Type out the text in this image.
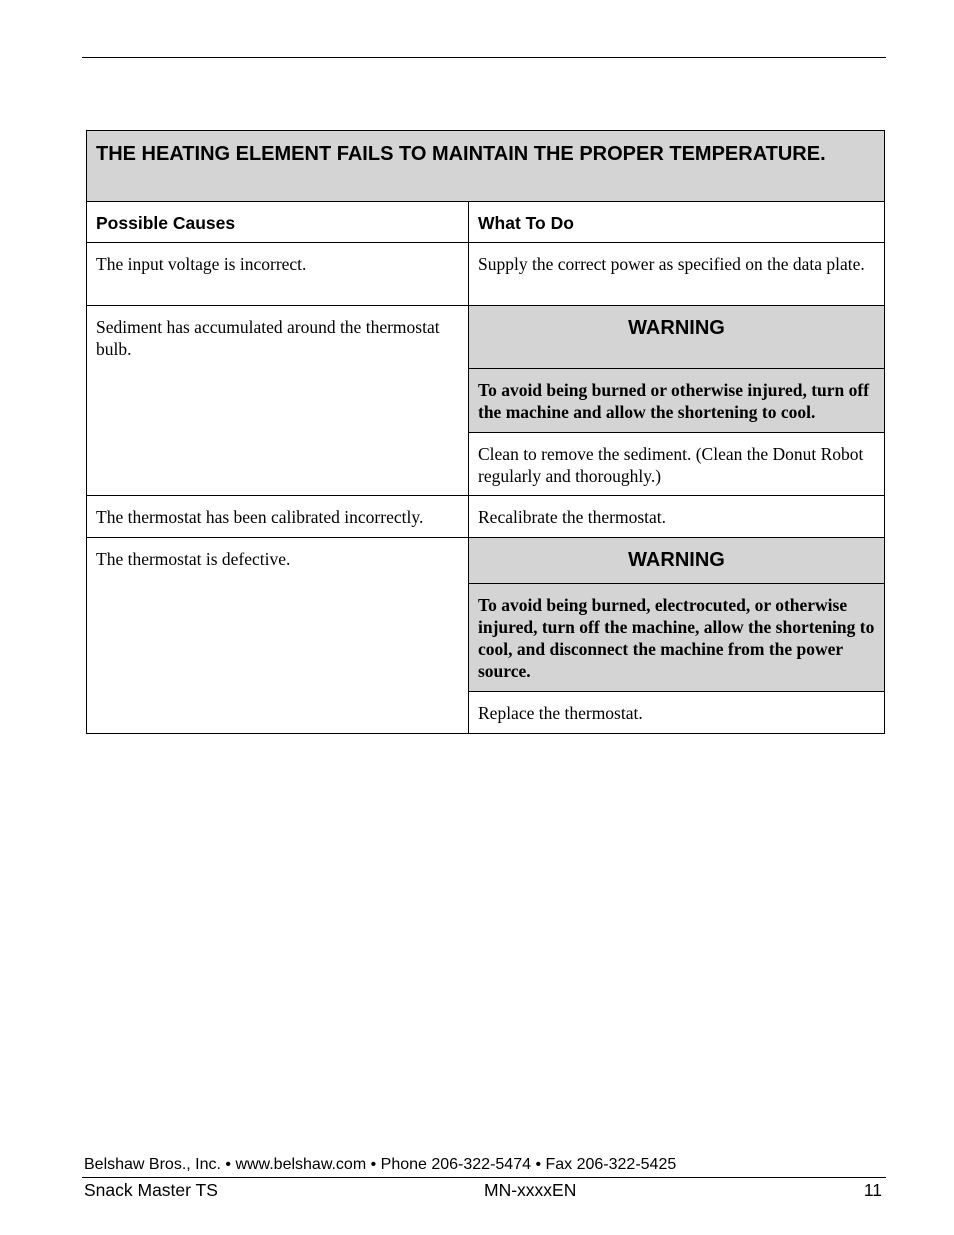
THE HEATING ELEMENT FAILS TO MAINTAIN THE PROPER TEMPERATURE.	
Possible Causes	What To Do
The input voltage is incorrect.	Supply the correct power as specified on the data plate.
Sediment has accumulated around the thermostat bulb.	WARNING
	To avoid being burned or otherwise injured, turn off the machine and allow the shortening to cool.
	Clean to remove the sediment. (Clean the Donut Robot regularly and thoroughly.)
The thermostat has been calibrated incorrectly.	Recalibrate the thermostat.
The thermostat is defective.	WARNING
	To avoid being burned, electrocuted, or otherwise injured, turn off the machine, allow the shortening to cool, and disconnect the machine from the power source.
	Replace the thermostat.
Belshaw Bros., Inc. • www.belshaw.com • Phone 206-322-5474 • Fax 206-322-5425
Snack Master TS	MN-xxxxEN	11
